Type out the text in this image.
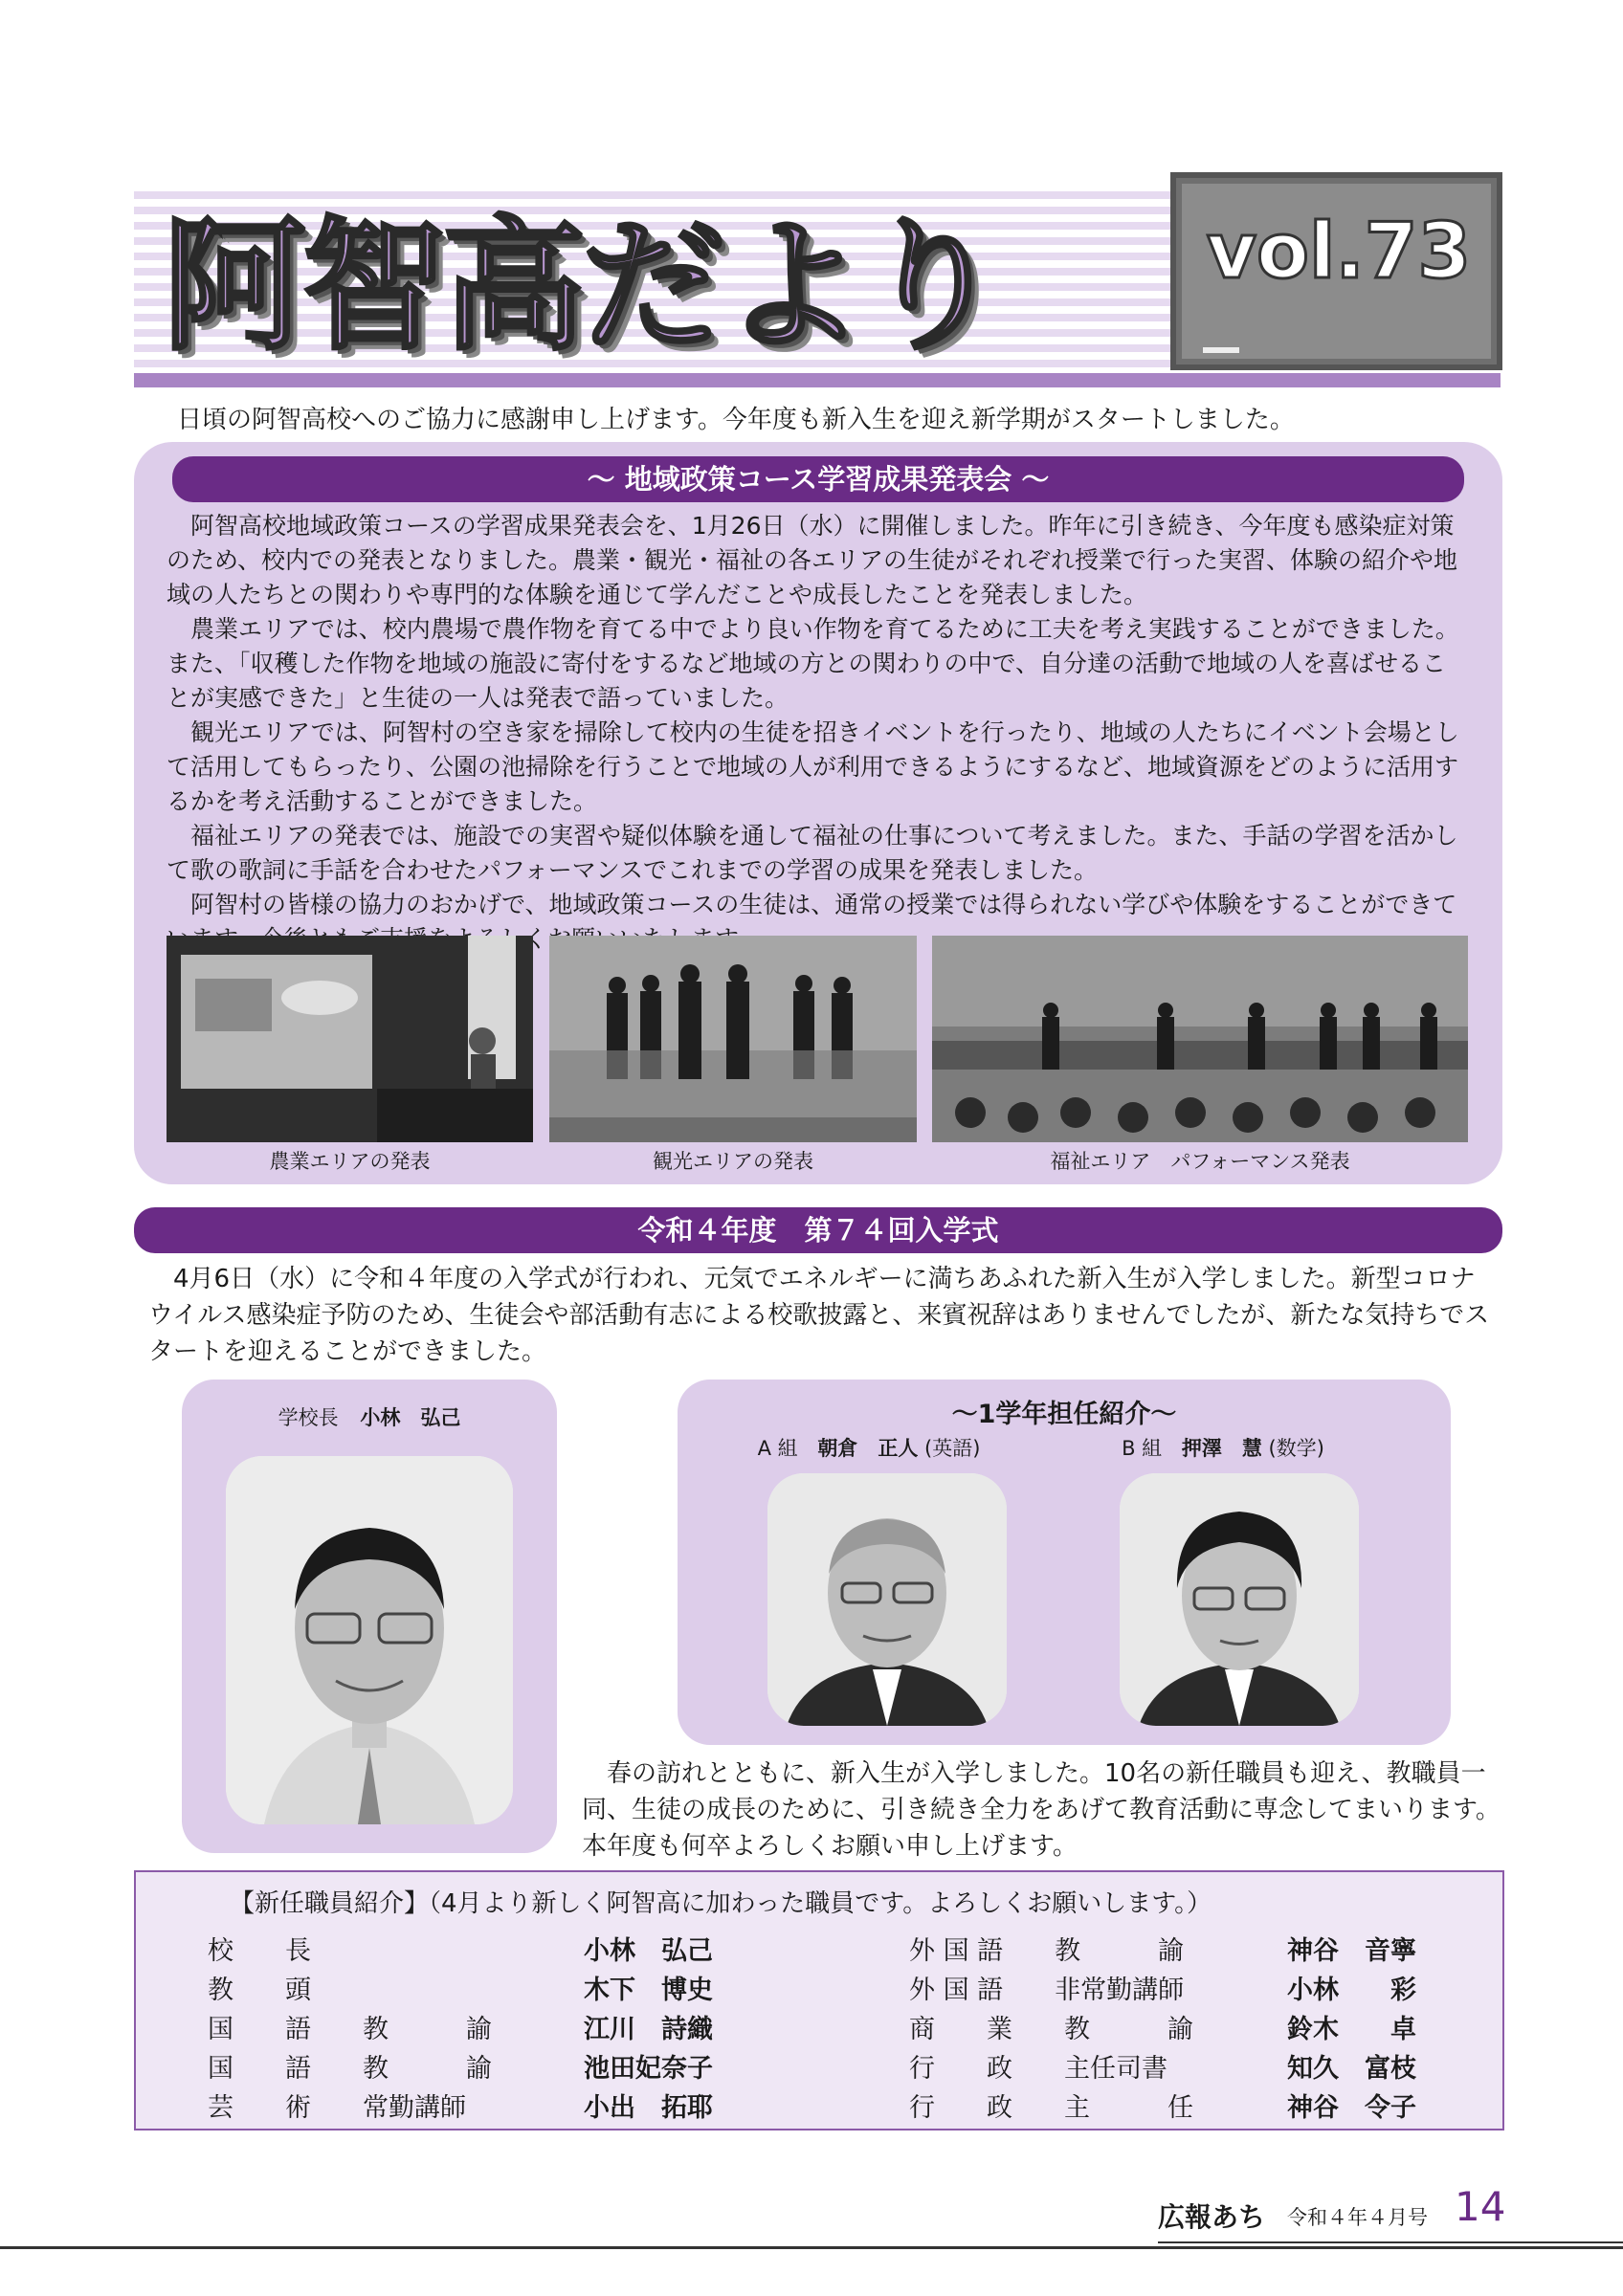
阿智高だより	vol.73
日頃の阿智高校へのご協力に感謝申し上げます。今年度も新入生を迎え新学期がスタートしました。
～ 地域政策コース学習成果発表会 ～

阿智高校地域政策コースの学習成果発表会を、1月26日（水）に開催しました。昨年に引き続き、今年度も感染症対策のため、校内での発表となりました。農業・観光・福祉の各エリアの生徒がそれぞれ授業で行った実習、体験の紹介や地域の人たちとの関わりや専門的な体験を通じて学んだことや成長したことを発表しました。

農業エリアでは、校内農場で農作物を育てる中でより良い作物を育てるために工夫を考え実践することができました。また、「収穫した作物を地域の施設に寄付をするなど地域の方との関わりの中で、自分達の活動で地域の人を喜ばせることが実感できた」と生徒の一人は発表で語っていました。

観光エリアでは、阿智村の空き家を掃除して校内の生徒を招きイベントを行ったり、地域の人たちにイベント会場として活用してもらったり、公園の池掃除を行うことで地域の人が利用できるようにするなど、地域資源をどのように活用するかを考え活動することができました。

福祉エリアの発表では、施設での実習や疑似体験を通して福祉の仕事について考えました。また、手話の学習を活かして歌の歌詞に手話を合わせたパフォーマンスでこれまでの学習の成果を発表しました。

阿智村の皆様の協力のおかげで、地域政策コースの生徒は、通常の授業では得られない学びや体験をすることができて くお

農業エリアの発表	観光エリアの発表	福祉エリア　パフォーマンス発表
令和４年度　第７４回入学式
4月6日（水）に令和４年度の入学式が行われ、元気でエネルギーに満ちあふれた新入生が入学しました。新型コロナウイルス感染症予防のため、生徒会や部活動有志による校歌披露と、来賓祝辞はありませんでしたが、新たな気持ちでスタートを迎えることができました。
学校長 小林　弘己	～1学年担任紹介～
A 組 朝倉　正人 (英語)	B 組 押澤　慧 (数学)
春の訪れとともに、新入生が入学しました。10名の新任職員も迎え、教職員一同、生徒の成長のために、引き続き全力をあげて教育活動に専念してまいります。本年度も何卒よろしくお願い申し上げます。
【新任職員紹介】（4月より新しく阿智高に加わった職員です。よろしくお願いします。）
校　　長	小林　弘己	外 国 語　　教　　　諭	神谷　音寧
教　　頭	木下　博史	外 国 語　　非常勤講師	小林　　彩
国　　語　　教　　　諭	江川　詩織	商　　業　　教　　　諭	鈴木　　卓
国　　語　　教　　　諭	池田妃奈子	行　　政　　主任司書	知久　富枝
芸　　術　　常勤講師	小出　拓耶	行　　政　　主　　　任	神谷　令子
広報あち 令和４年４月号 14
